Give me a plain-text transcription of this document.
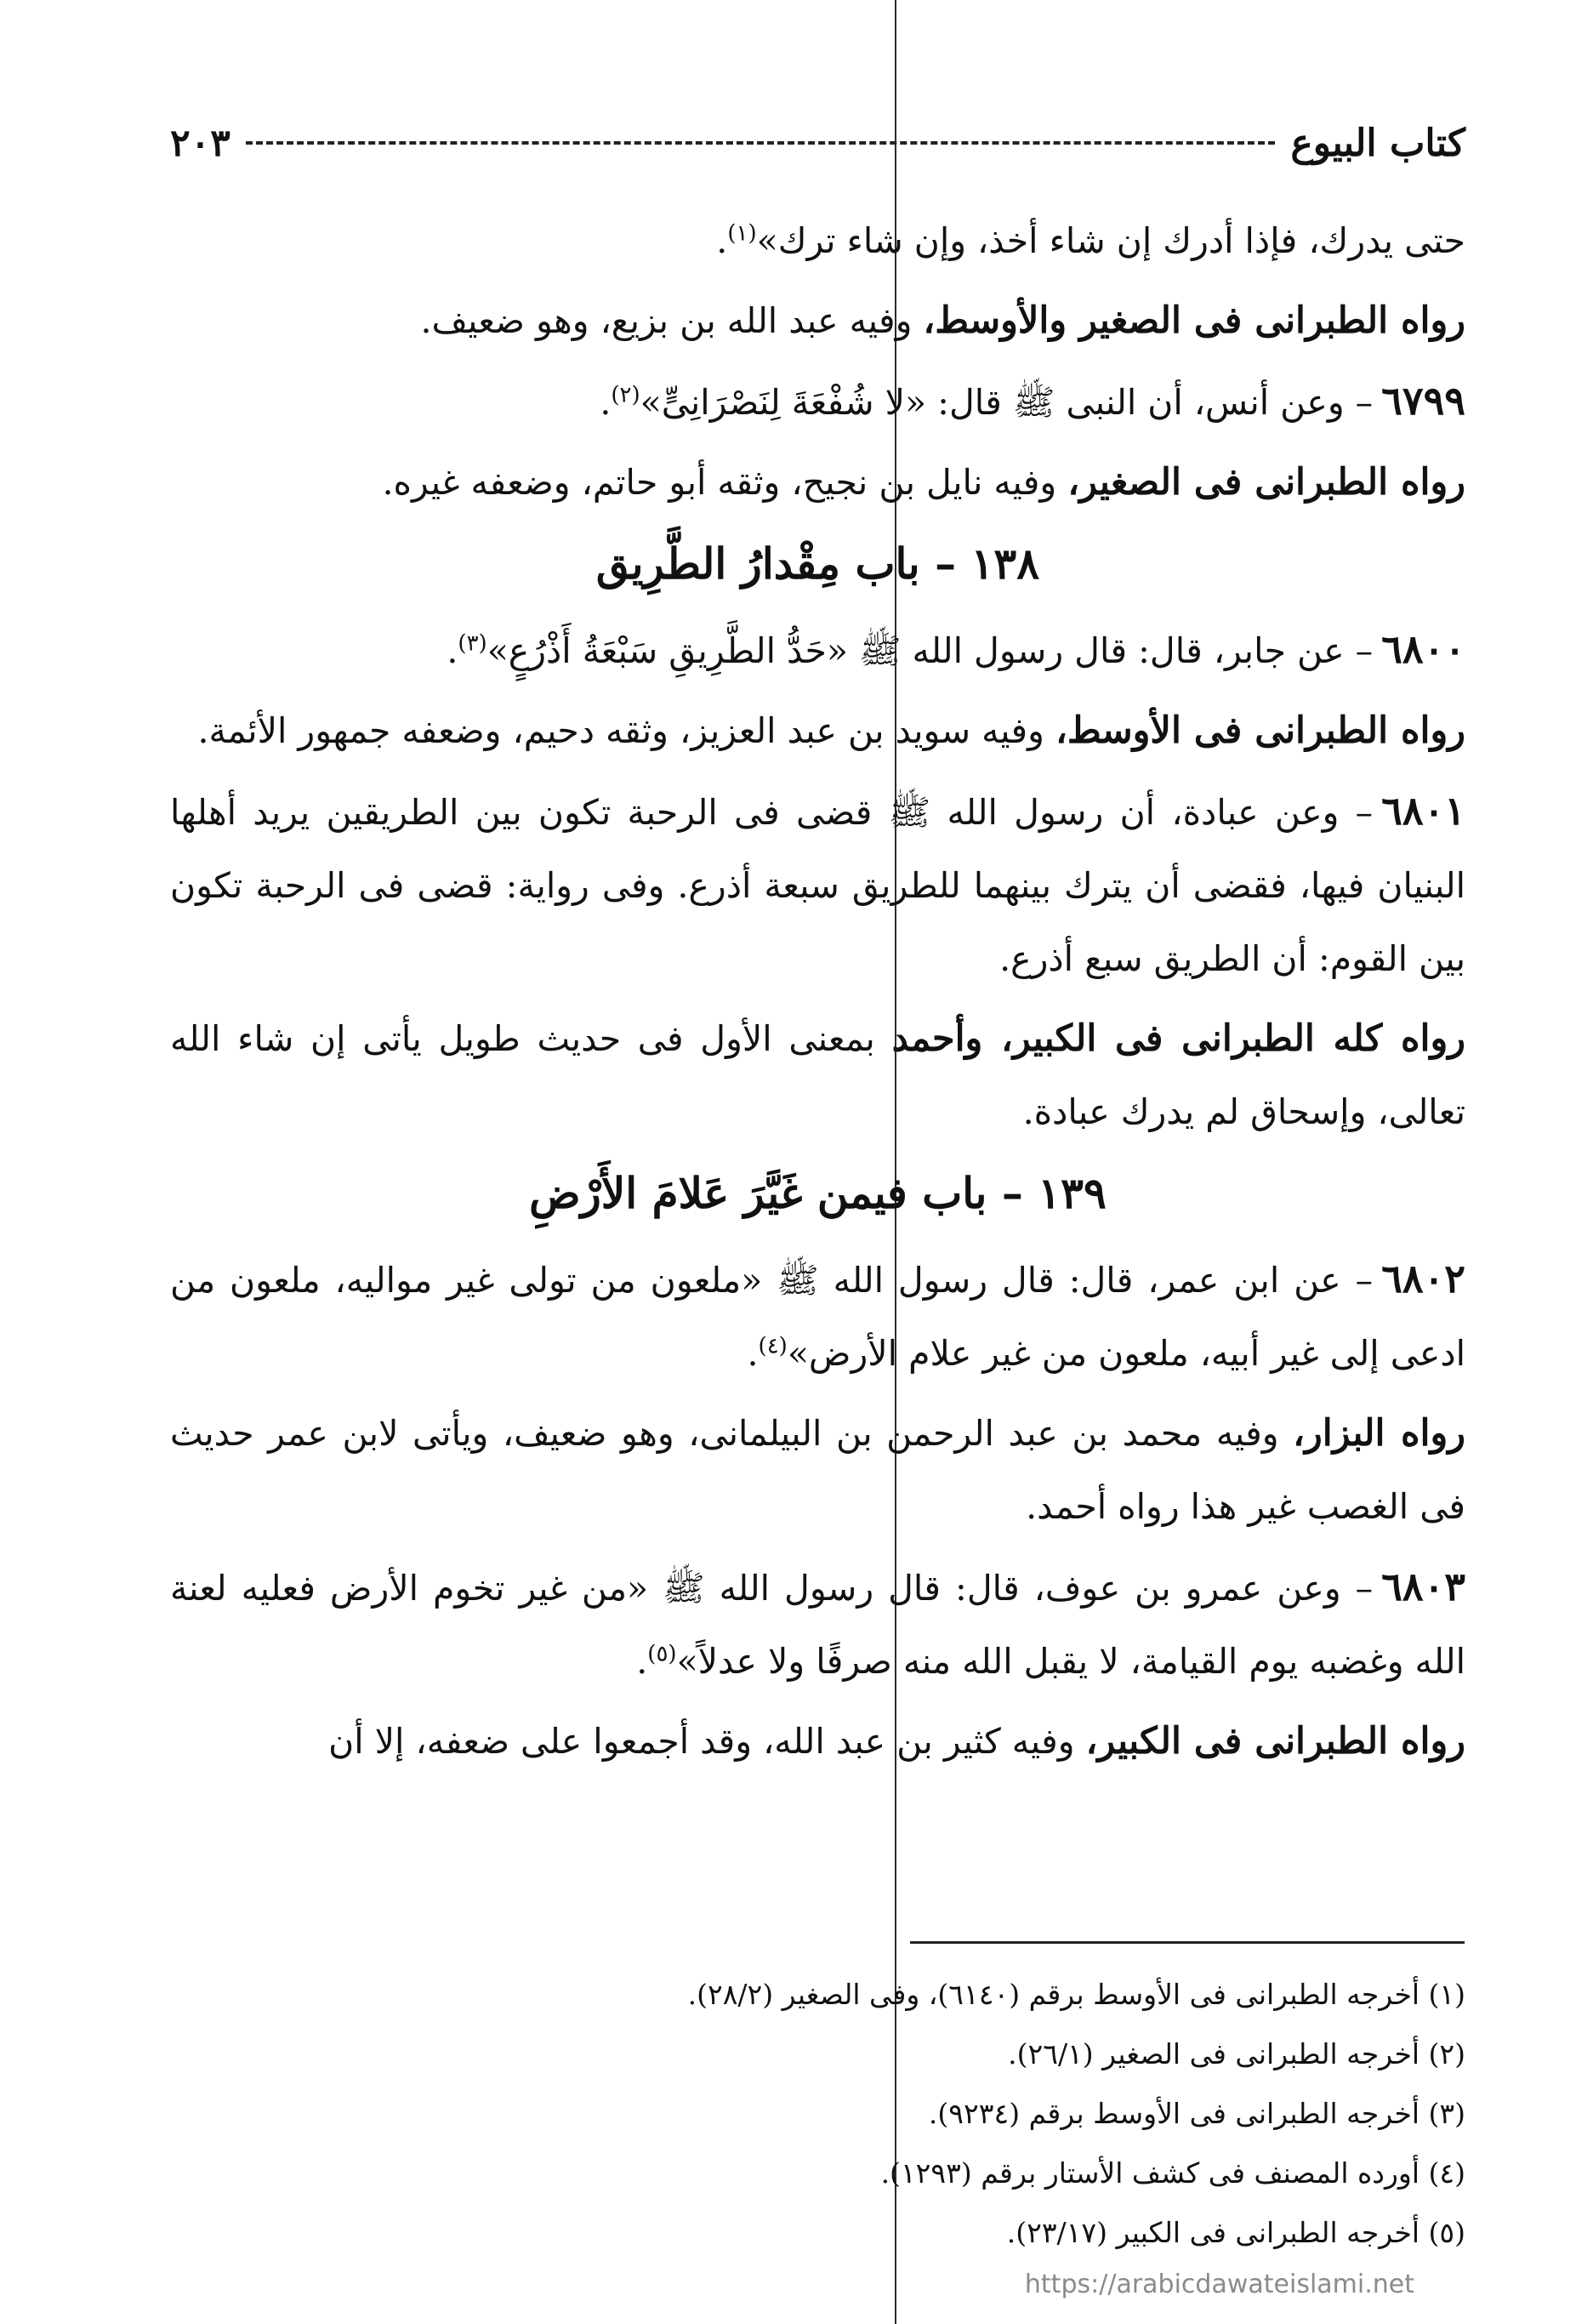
كتاب البيوع
٢٠٣
حتى يدرك، فإذا أدرك إن شاء أخذ، وإن شاء ترك»$^{(١)}$.
رواه الطبرانى فى الصغير والأوسط، وفيه عبد الله بن بزيع، وهو ضعيف.
٦٧٩٩– وعن أنس، أن النبى ﷺ قال: «لا شُفْعَةَ لِنَصْرَانِىٍّ»$^{(٢)}$.
رواه الطبرانى فى الصغير، وفيه نايل بن نجيح، وثقه أبو حاتم، وضعفه غيره.
١٣٨ – باب مِقْدارُ الطَّرِيق
٦٨٠٠– عن جابر، قال: قال رسول الله ﷺ «حَدُّ الطَّرِيقِ سَبْعَةُ أَذْرُعٍ»$^{(٣)}$.
رواه الطبرانى فى الأوسط، وفيه سويد بن عبد العزيز، وثقه دحيم، وضعفه جمهور الأئمة.
٦٨٠١– وعن عبادة، أن رسول الله ﷺ قضى فى الرحبة تكون بين الطريقين يريد أهلها البنيان فيها، فقضى أن يترك بينهما للطريق سبعة أذرع. وفى رواية: قضى فى الرحبة تكون بين القوم: أن الطريق سبع أذرع.
رواه كله الطبرانى فى الكبير، وأحمد بمعنى الأول فى حديث طويل يأتى إن شاء الله تعالى، وإسحاق لم يدرك عبادة.
١٣٩ – باب فيمن غَيَّرَ عَلامَ الأَرْضِ
٦٨٠٢– عن ابن عمر، قال: قال رسول الله ﷺ «ملعون من تولى غير مواليه، ملعون من ادعى إلى غير أبيه، ملعون من غير علام الأرض»$^{(٤)}$.
رواه البزار، وفيه محمد بن عبد الرحمن بن البيلمانى، وهو ضعيف، ويأتى لابن عمر حديث فى الغصب غير هذا رواه أحمد.
٦٨٠٣– وعن عمرو بن عوف، قال: قال رسول الله ﷺ «من غير تخوم الأرض فعليه لعنة الله وغضبه يوم القيامة، لا يقبل الله منه صرفًا ولا عدلاً»$^{(٥)}$.
رواه الطبرانى فى الكبير، وفيه كثير بن عبد الله، وقد أجمعوا على ضعفه، إلا أن
(١) أخرجه الطبرانى فى الأوسط برقم (٦١٤٠)، وفى الصغير (٢٨/٢).
(٢) أخرجه الطبرانى فى الصغير (٢٦/١).
(٣) أخرجه الطبرانى فى الأوسط برقم (٩٢٣٤).
(٤) أورده المصنف فى كشف الأستار برقم (١٢٩٣).
(٥) أخرجه الطبرانى فى الكبير (٢٣/١٧).
https://arabicdawateislami.net
